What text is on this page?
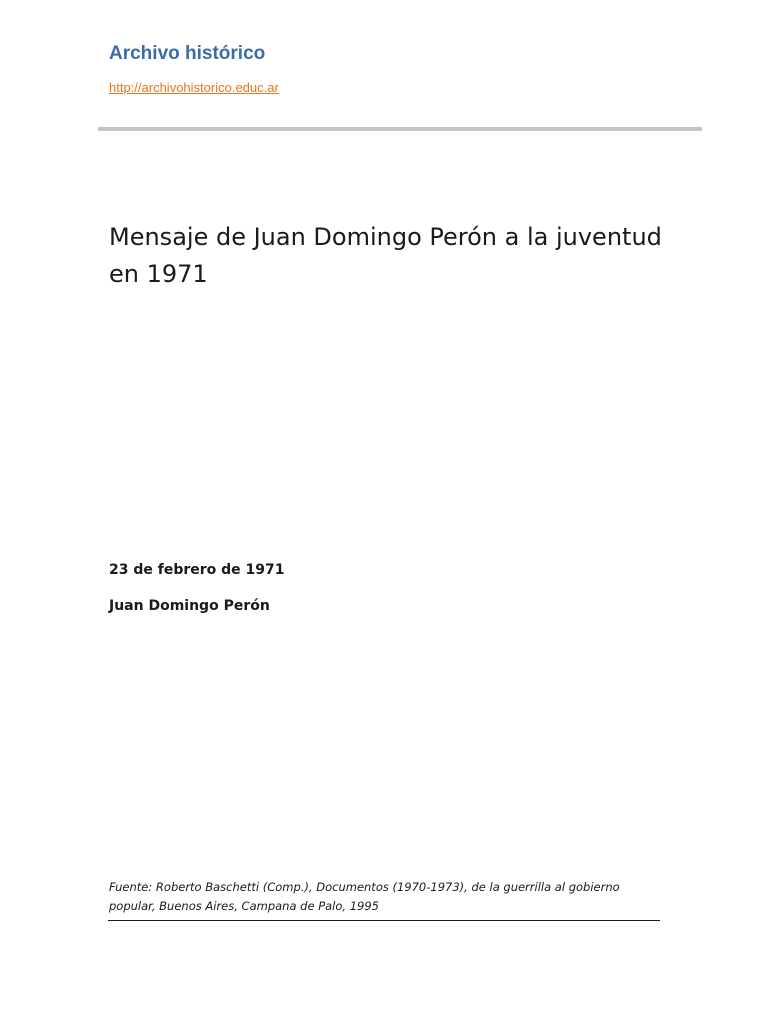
Archivo histórico
http://archivohistorico.educ.ar
Mensaje de Juan Domingo Perón a la juventud en 1971
23 de febrero de 1971
Juan Domingo Perón
Fuente: Roberto Baschetti (Comp.), Documentos (1970-1973), de la guerrilla al gobierno popular, Buenos Aires, Campana de Palo, 1995
